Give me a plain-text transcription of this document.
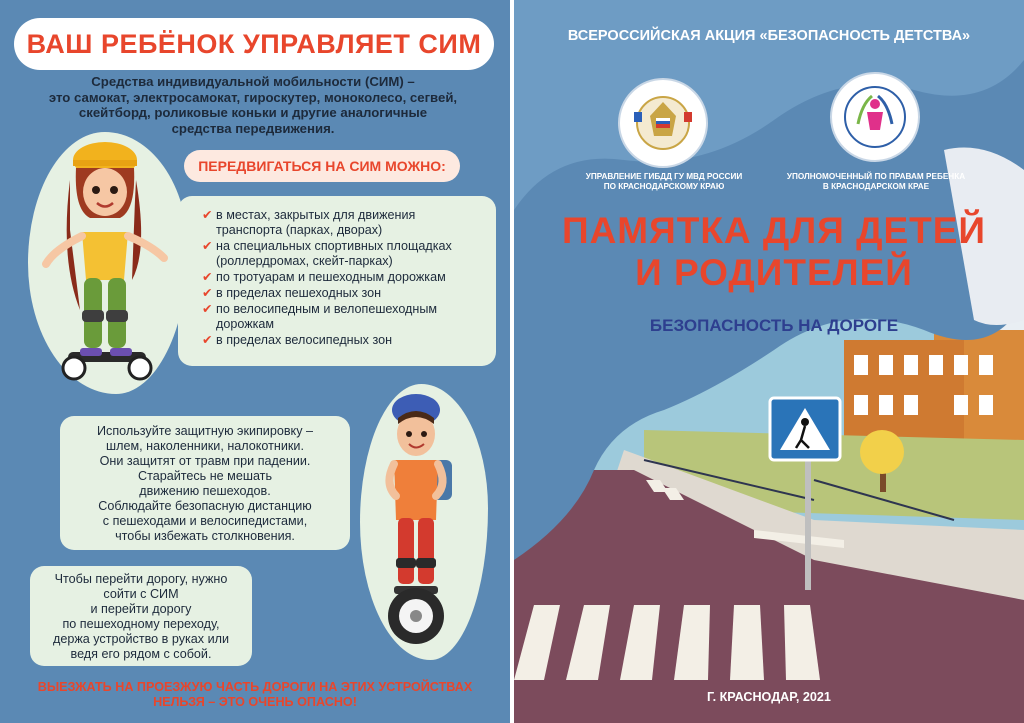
ВАШ РЕБЁНОК УПРАВЛЯЕТ СИМ
Средства индивидуальной мобильности (СИМ) –
это самокат, электросамокат, гироскутер, моноколесо, сегвей,
скейтборд, роликовые коньки и другие аналогичные
средства передвижения.
ПЕРЕДВИГАТЬСЯ НА СИМ МОЖНО:
✔ в местах, закрытых для движения транспорта (парках, дворах)
✔ на специальных спортивных площадках (роллердромах, скейт-парках)
✔ по тротуарам и пешеходным дорожкам
✔ в пределах пешеходных зон
✔ по велосипедным и велопешеходным дорожкам
✔ в пределах велосипедных зон
Используйте защитную экипировку –
шлем, наколенники, налокотники.
Они защитят от травм при падении.
Старайтесь не мешать
движению пешеходов.
Соблюдайте безопасную дистанцию
с пешеходами и велосипедистами,
чтобы избежать столкновения.
Чтобы перейти дорогу, нужно
сойти с СИМ
и перейти дорогу
по пешеходному переходу,
держа устройство в руках или
ведя его рядом с собой.
ВЫЕЗЖАТЬ НА ПРОЕЗЖУЮ ЧАСТЬ ДОРОГИ НА ЭТИХ УСТРОЙСТВАХ
НЕЛЬЗЯ – ЭТО ОЧЕНЬ ОПАСНО!
ВСЕРОССИЙСКАЯ АКЦИЯ «БЕЗОПАСНОСТЬ ДЕТСТВА»
УПРАВЛЕНИЕ ГИБДД ГУ МВД РОССИИ
ПО КРАСНОДАРСКОМУ КРАЮ
УПОЛНОМОЧЕННЫЙ ПО ПРАВАМ РЕБЕНКА
В КРАСНОДАРСКОМ КРАЕ
ПАМЯТКА ДЛЯ ДЕТЕЙ
И РОДИТЕЛЕЙ
БЕЗОПАСНОСТЬ НА ДОРОГЕ
Г. КРАСНОДАР, 2021
